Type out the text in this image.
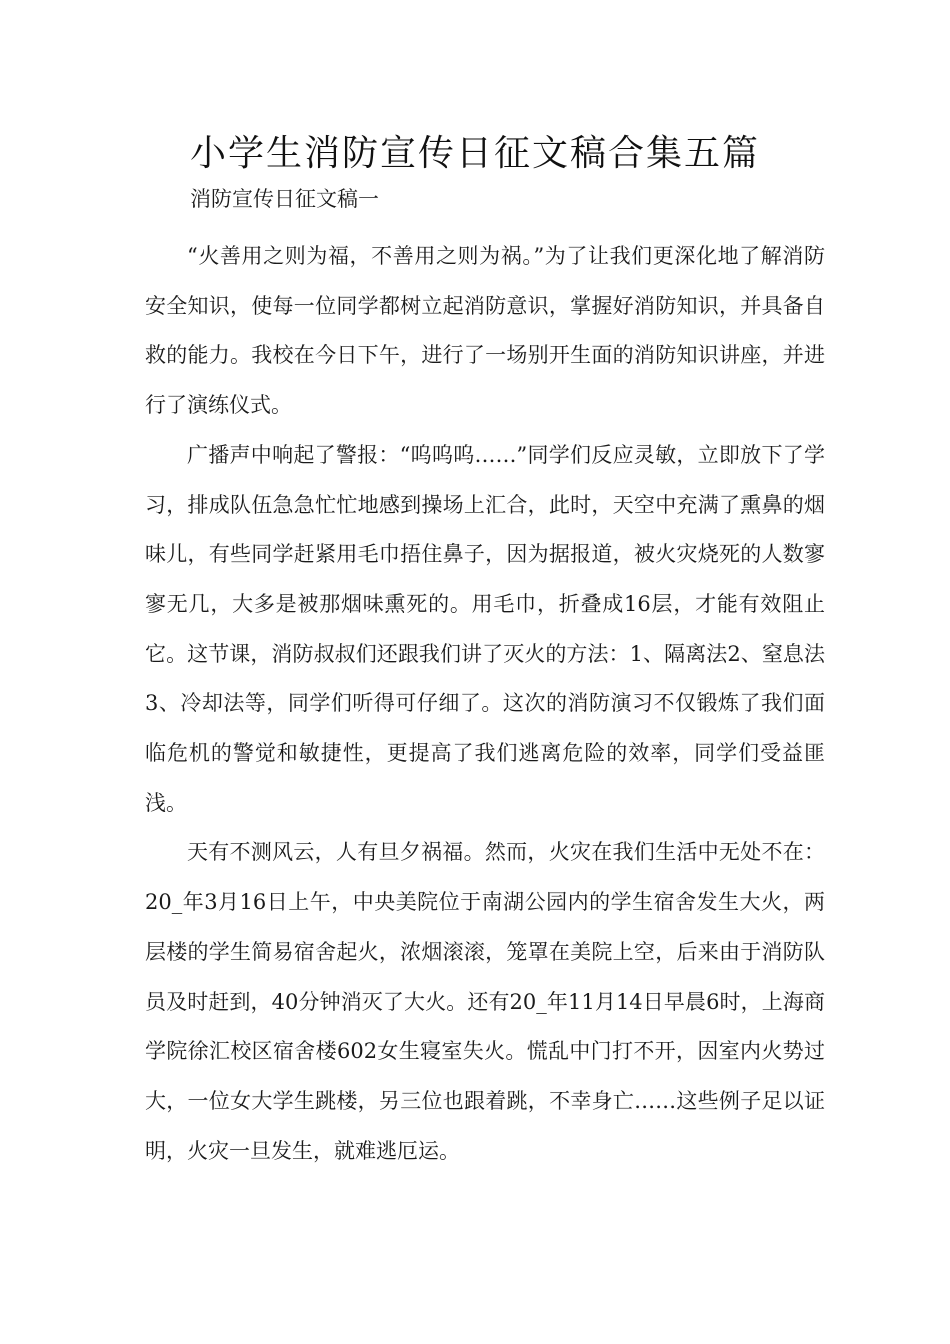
小学生消防宣传日征文稿合集五篇
消防宣传日征文稿一

“火善用之则为福，不善用之则为祸。”为了让我们更深化地了解消防安全知识，使每一位同学都树立起消防意识，掌握好消防知识，并具备自救的能力。我校在今日下午，进行了一场别开生面的消防知识讲座，并进行了演练仪式。

广播声中响起了警报：“呜呜呜……”同学们反应灵敏，立即放下了学习，排成队伍急急忙忙地感到操场上汇合，此时，天空中充满了熏鼻的烟味儿，有些同学赶紧用毛巾捂住鼻子，因为据报道，被火灾烧死的人数寥寥无几，大多是被那烟味熏死的。用毛巾，折叠成16层，才能有效阻止它。这节课，消防叔叔们还跟我们讲了灭火的方法：1、隔离法2、窒息法3、冷却法等，同学们听得可仔细了。这次的消防演习不仅锻炼了我们面临危机的警觉和敏捷性，更提高了我们逃离危险的效率，同学们受益匪浅。

天有不测风云，人有旦夕祸福。然而，火灾在我们生活中无处不在：20_年3月16日上午，中央美院位于南湖公园内的学生宿舍发生大火，两层楼的学生简易宿舍起火，浓烟滚滚，笼罩在美院上空，后来由于消防队员及时赶到，40分钟消灭了大火。还有20_年11月14日早晨6时，上海商学院徐汇校区宿舍楼602女生寝室失火。慌乱中门打不开，因室内火势过大，一位女大学生跳楼，另三位也跟着跳，不幸身亡……这些例子足以证明，火灾一旦发生，就难逃厄运。
